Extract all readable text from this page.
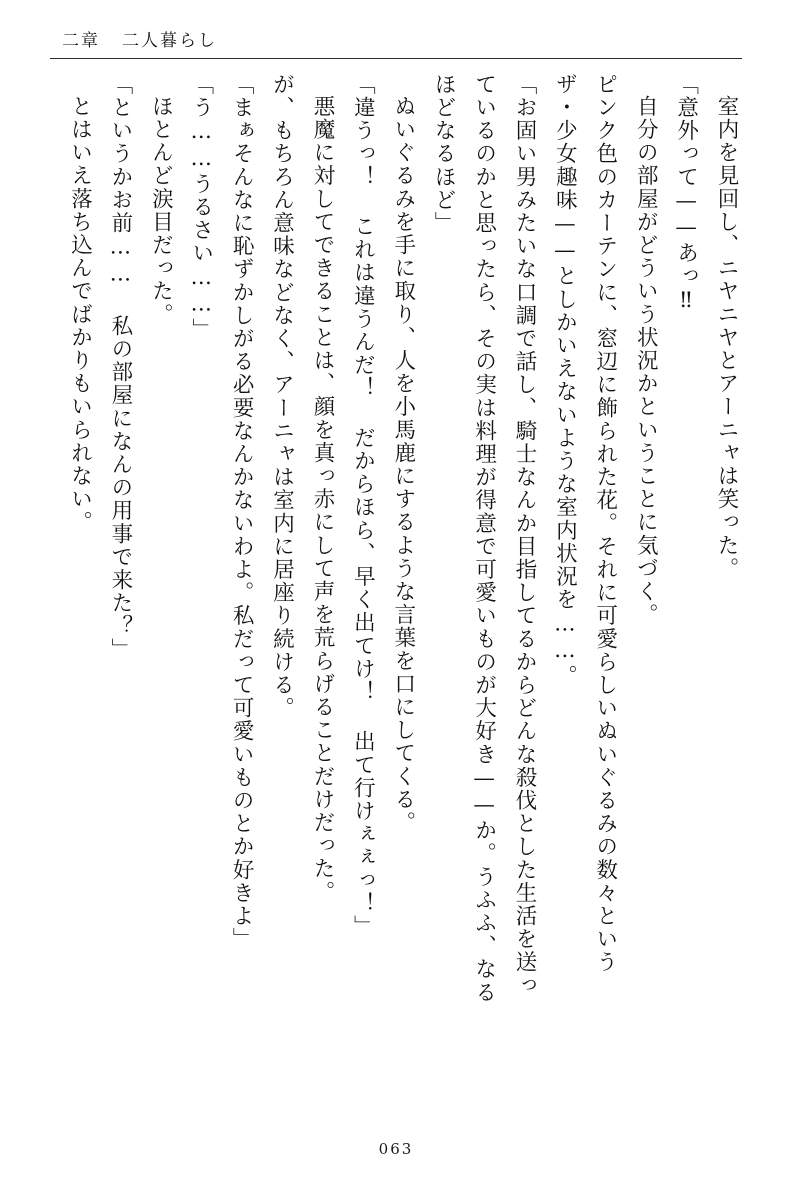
二章 二人暮らし

室内を見回し、ニヤニヤとアーニャは笑った。

「意外って——あっ‼

自分の部屋がどういう状況かということに気づく。

ピンク色のカーテンに、窓辺に飾られた花。それに可愛らしいぬいぐるみの数々という

ザ・少女趣味——としかいえないような室内状況を……。

「お固い男みたいな口調で話し、騎士なんか目指してるからどんな殺伐とした生活を送っ

ているのかと思ったら、その実は料理が得意で可愛いものが大好き——か。うふふ、なる

ほどなるほど」

ぬいぐるみを手に取り、人を小馬鹿にするような言葉を口にしてくる。

「違うっ！ これは違うんだ！ だからほら、早く出てけ！ 出て行けぇぇっ！」

悪魔に対してできることは、顔を真っ赤にして声を荒らげることだけだった。

が、もちろん意味などなく、アーニャは室内に居座り続ける。

「まぁそんなに恥ずかしがる必要なんかないわよ。私だって可愛いものとか好きよ」

「う……うるさい……」

ほとんど涙目だった。

「というかお前…… 私の部屋になんの用事で来た？」

とはいえ落ち込んでばかりもいられない。

063
